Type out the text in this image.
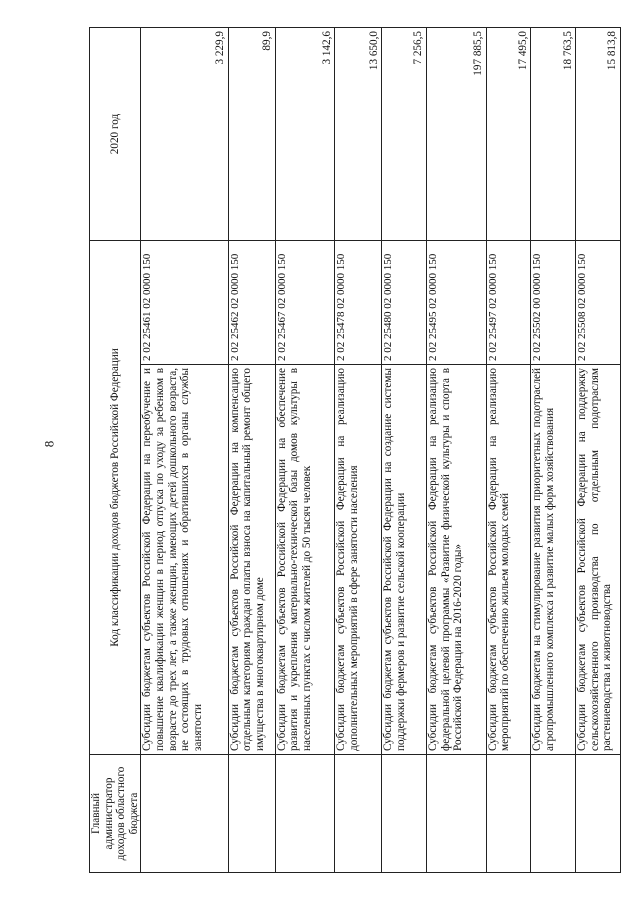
8
Главный администратор доходов областного бюджета	Код классификации доходов бюджетов Российской Федерации		2020 год
	Субсидии бюджетам субъектов Российской Федерации на переобучение и повышение квалификации женщин в период отпуска по уходу за ребенком в возрасте до трех лет, а также женщин, имеющих детей дошкольного возраста, не состоящих в трудовых отношениях и обратившихся в органы службы занятости	2 02 25461 02 0000 150	3 229,9
	Субсидии бюджетам субъектов Российской Федерации на компенсацию отдельным категориям граждан оплаты взноса на капитальный ремонт общего имущества в многоквартирном доме	2 02 25462 02 0000 150	89,9
	Субсидии бюджетам субъектов Российской Федерации на обеспечение развития и укрепления материально-технической базы домов культуры в населенных пунктах с числом жителей до 50 тысяч человек	2 02 25467 02 0000 150	3 142,6
	Субсидии бюджетам субъектов Российской Федерации на реализацию дополнительных мероприятий в сфере занятости населения	2 02 25478 02 0000 150	13 650,0
	Субсидии бюджетам субъектов Российской Федерации на создание системы поддержки фермеров и развитие сельской кооперации	2 02 25480 02 0000 150	7 256,5
	Субсидии бюджетам субъектов Российской Федерации на реализацию федеральной целевой программы «Развитие физической культуры и спорта в Российской Федерации на 2016-2020 годы»	2 02 25495 02 0000 150	197 885,5
	Субсидии бюджетам субъектов Российской Федерации на реализацию мероприятий по обеспечению жильем молодых семей	2 02 25497 02 0000 150	17 495,0
	Субсидии бюджетам на стимулирование развития приоритетных подотраслей агропромышленного комплекса и развитие малых форм хозяйствования	2 02 25502 00 0000 150	18 763,5
	Субсидии бюджетам субъектов Российской Федерации на поддержку сельскохозяйственного производства по отдельным подотраслям растениеводства и животноводства	2 02 25508 02 0000 150	15 813,8
